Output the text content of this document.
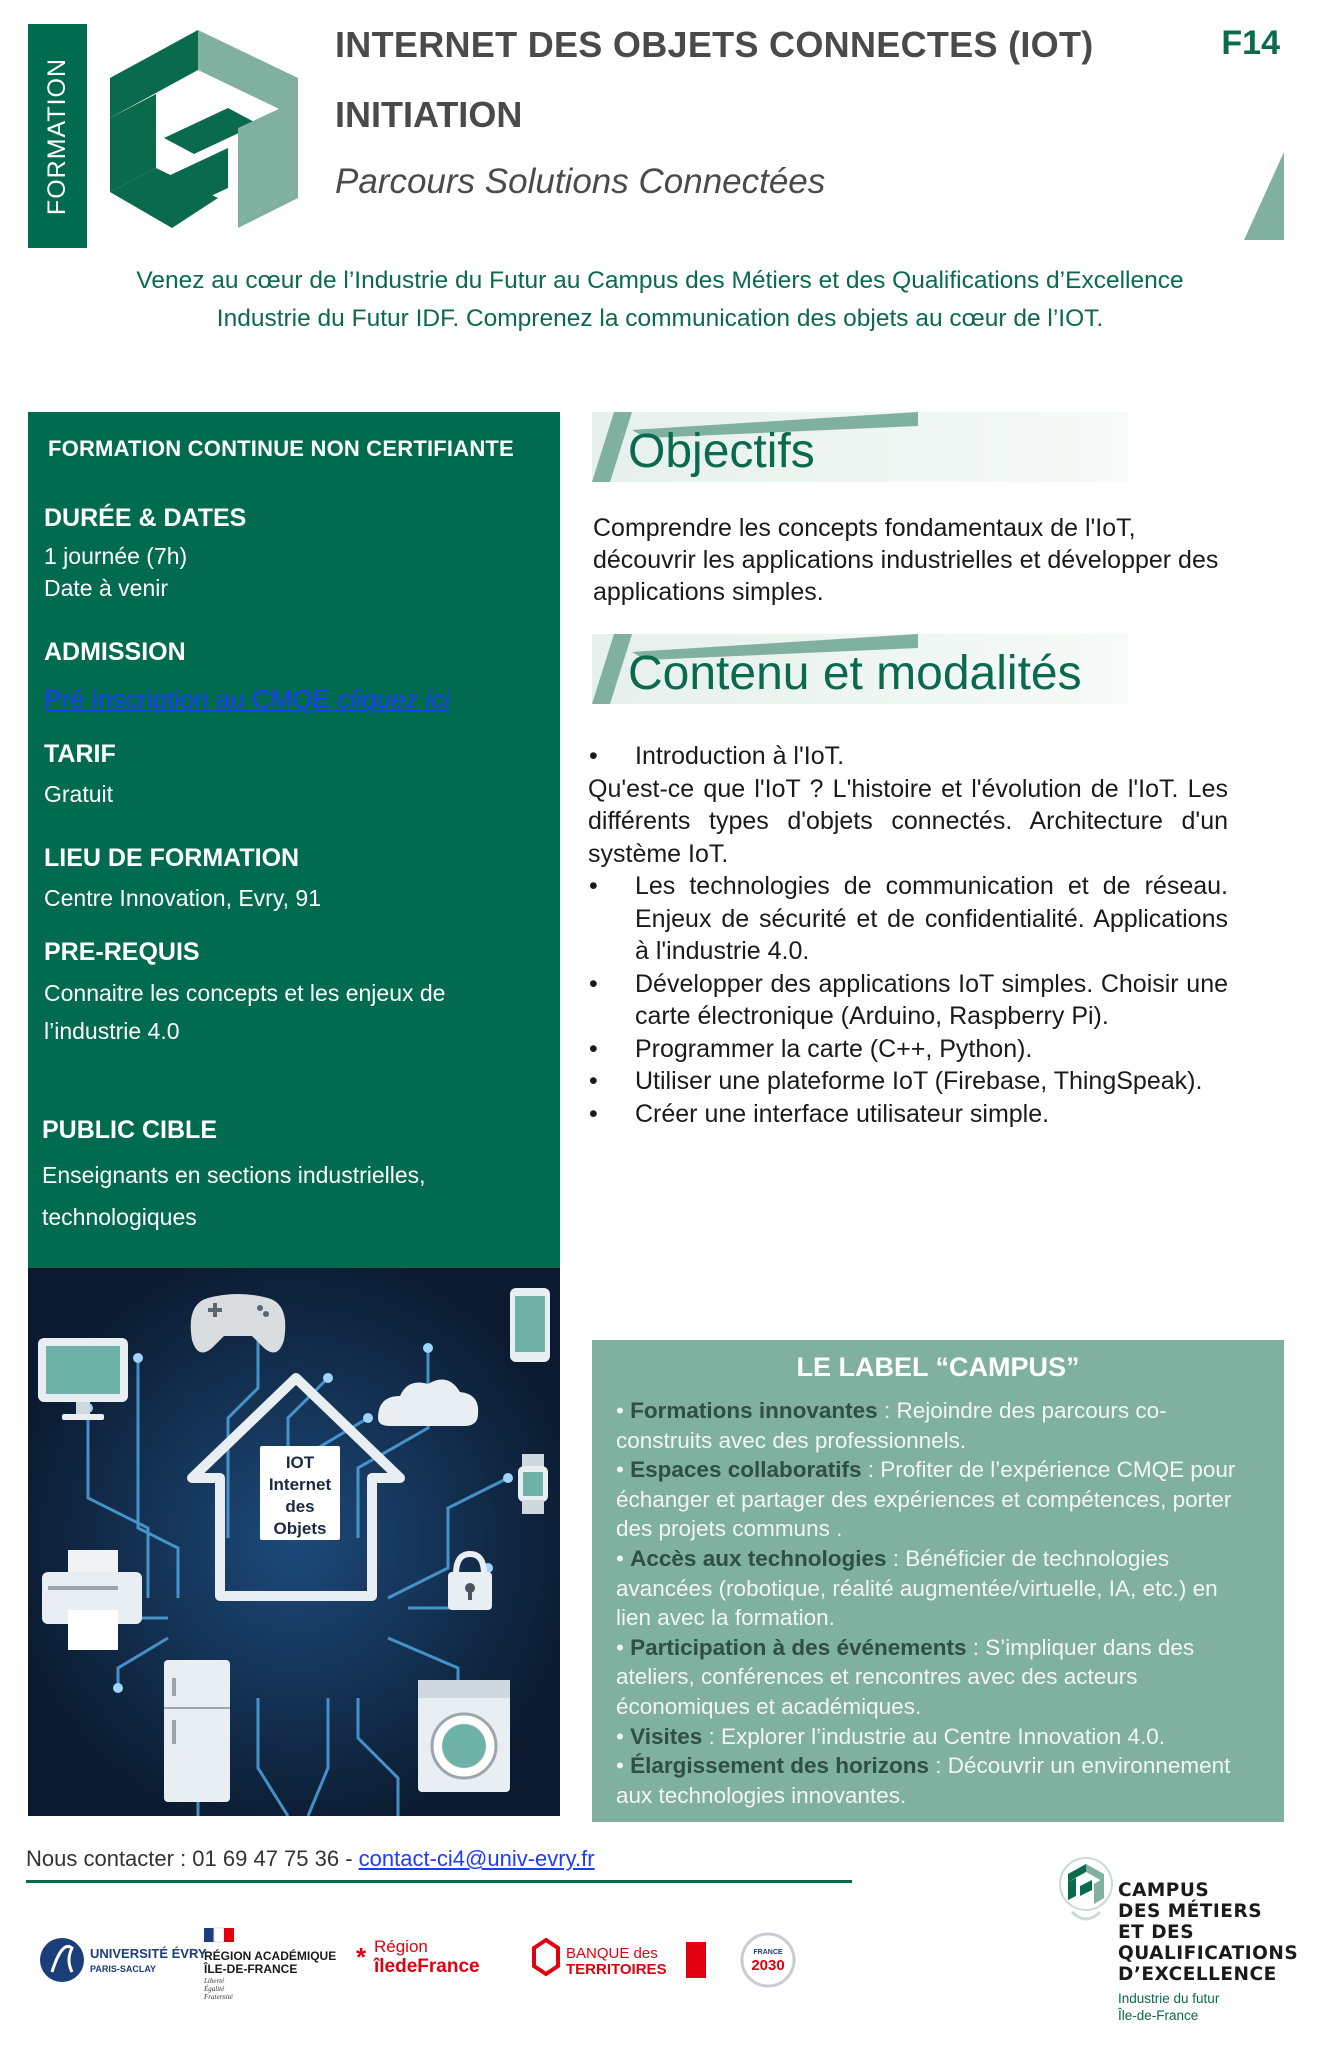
FORMATION
INTERNET DES OBJETS CONNECTES (IOT)	F14
INITIATION
Parcours Solutions Connectées
Venez au cœur de l’Industrie du Futur au Campus des Métiers et des Qualifications d’Excellence
Industrie du Futur IDF. Comprenez la communication des objets au cœur de l’IOT.
FORMATION CONTINUE NON CERTIFIANTE
DURÉE & DATES
1 journée (7h)
Date à venir
ADMISSION
Pré inscription au CMQE cliquez ici
TARIF
Gratuit
LIEU DE FORMATION
Centre Innovation, Evry, 91
PRE-REQUIS
Connaitre les concepts et les enjeux de
l’industrie 4.0
PUBLIC CIBLE
Enseignants en sections industrielles,
technologiques
IOT
Internet
des
Objets
Objectifs
Comprendre les concepts fondamentaux de l'IoT,
découvrir les applications industrielles et développer des
applications simples.
Contenu et modalités
• Introduction à l'IoT.
Qu'est-ce que l'IoT ? L'histoire et l'évolution de l'IoT. Les différents types d'objets connectés. Architecture d'un système IoT.
• Les technologies de communication et de réseau. Enjeux de sécurité et de confidentialité. Applications à l'industrie 4.0.
• Développer des applications IoT simples. Choisir une carte électronique (Arduino, Raspberry Pi).
• Programmer la carte (C++, Python).
• Utiliser une plateforme IoT (Firebase, ThingSpeak).
• Créer une interface utilisateur simple.
LE LABEL “CAMPUS”
• Formations innovantes : Rejoindre des parcours co-construits avec des professionnels.
• Espaces collaboratifs : Profiter de l’expérience CMQE pour échanger et partager des expériences et compétences, porter des projets communs .
• Accès aux technologies : Bénéficier de technologies avancées (robotique, réalité augmentée/virtuelle, IA, etc.) en lien avec la formation.
• Participation à des événements : S’impliquer dans des ateliers, conférences et rencontres avec des acteurs économiques et académiques.
• Visites : Explorer l’industrie au Centre Innovation 4.0.
• Élargissement des horizons : Découvrir un environnement aux technologies innovantes.
Nous contacter : 01 69 47 75 36 - contact-ci4@univ-evry.fr
UNIVERSITÉ ÉVRY
PARIS-SACLAY
RÉGION ACADÉMIQUE
ÎLE-DE-FRANCE
Liberté
Égalité
Fraternité
* Région
îledeFrance
BANQUE des
TERRITOIRES
FRANCE
2030
CAMPUS
DES MÉTIERS
ET DES
QUALIFICATIONS
D’EXCELLENCE
Industrie du futur
Île-de-France
